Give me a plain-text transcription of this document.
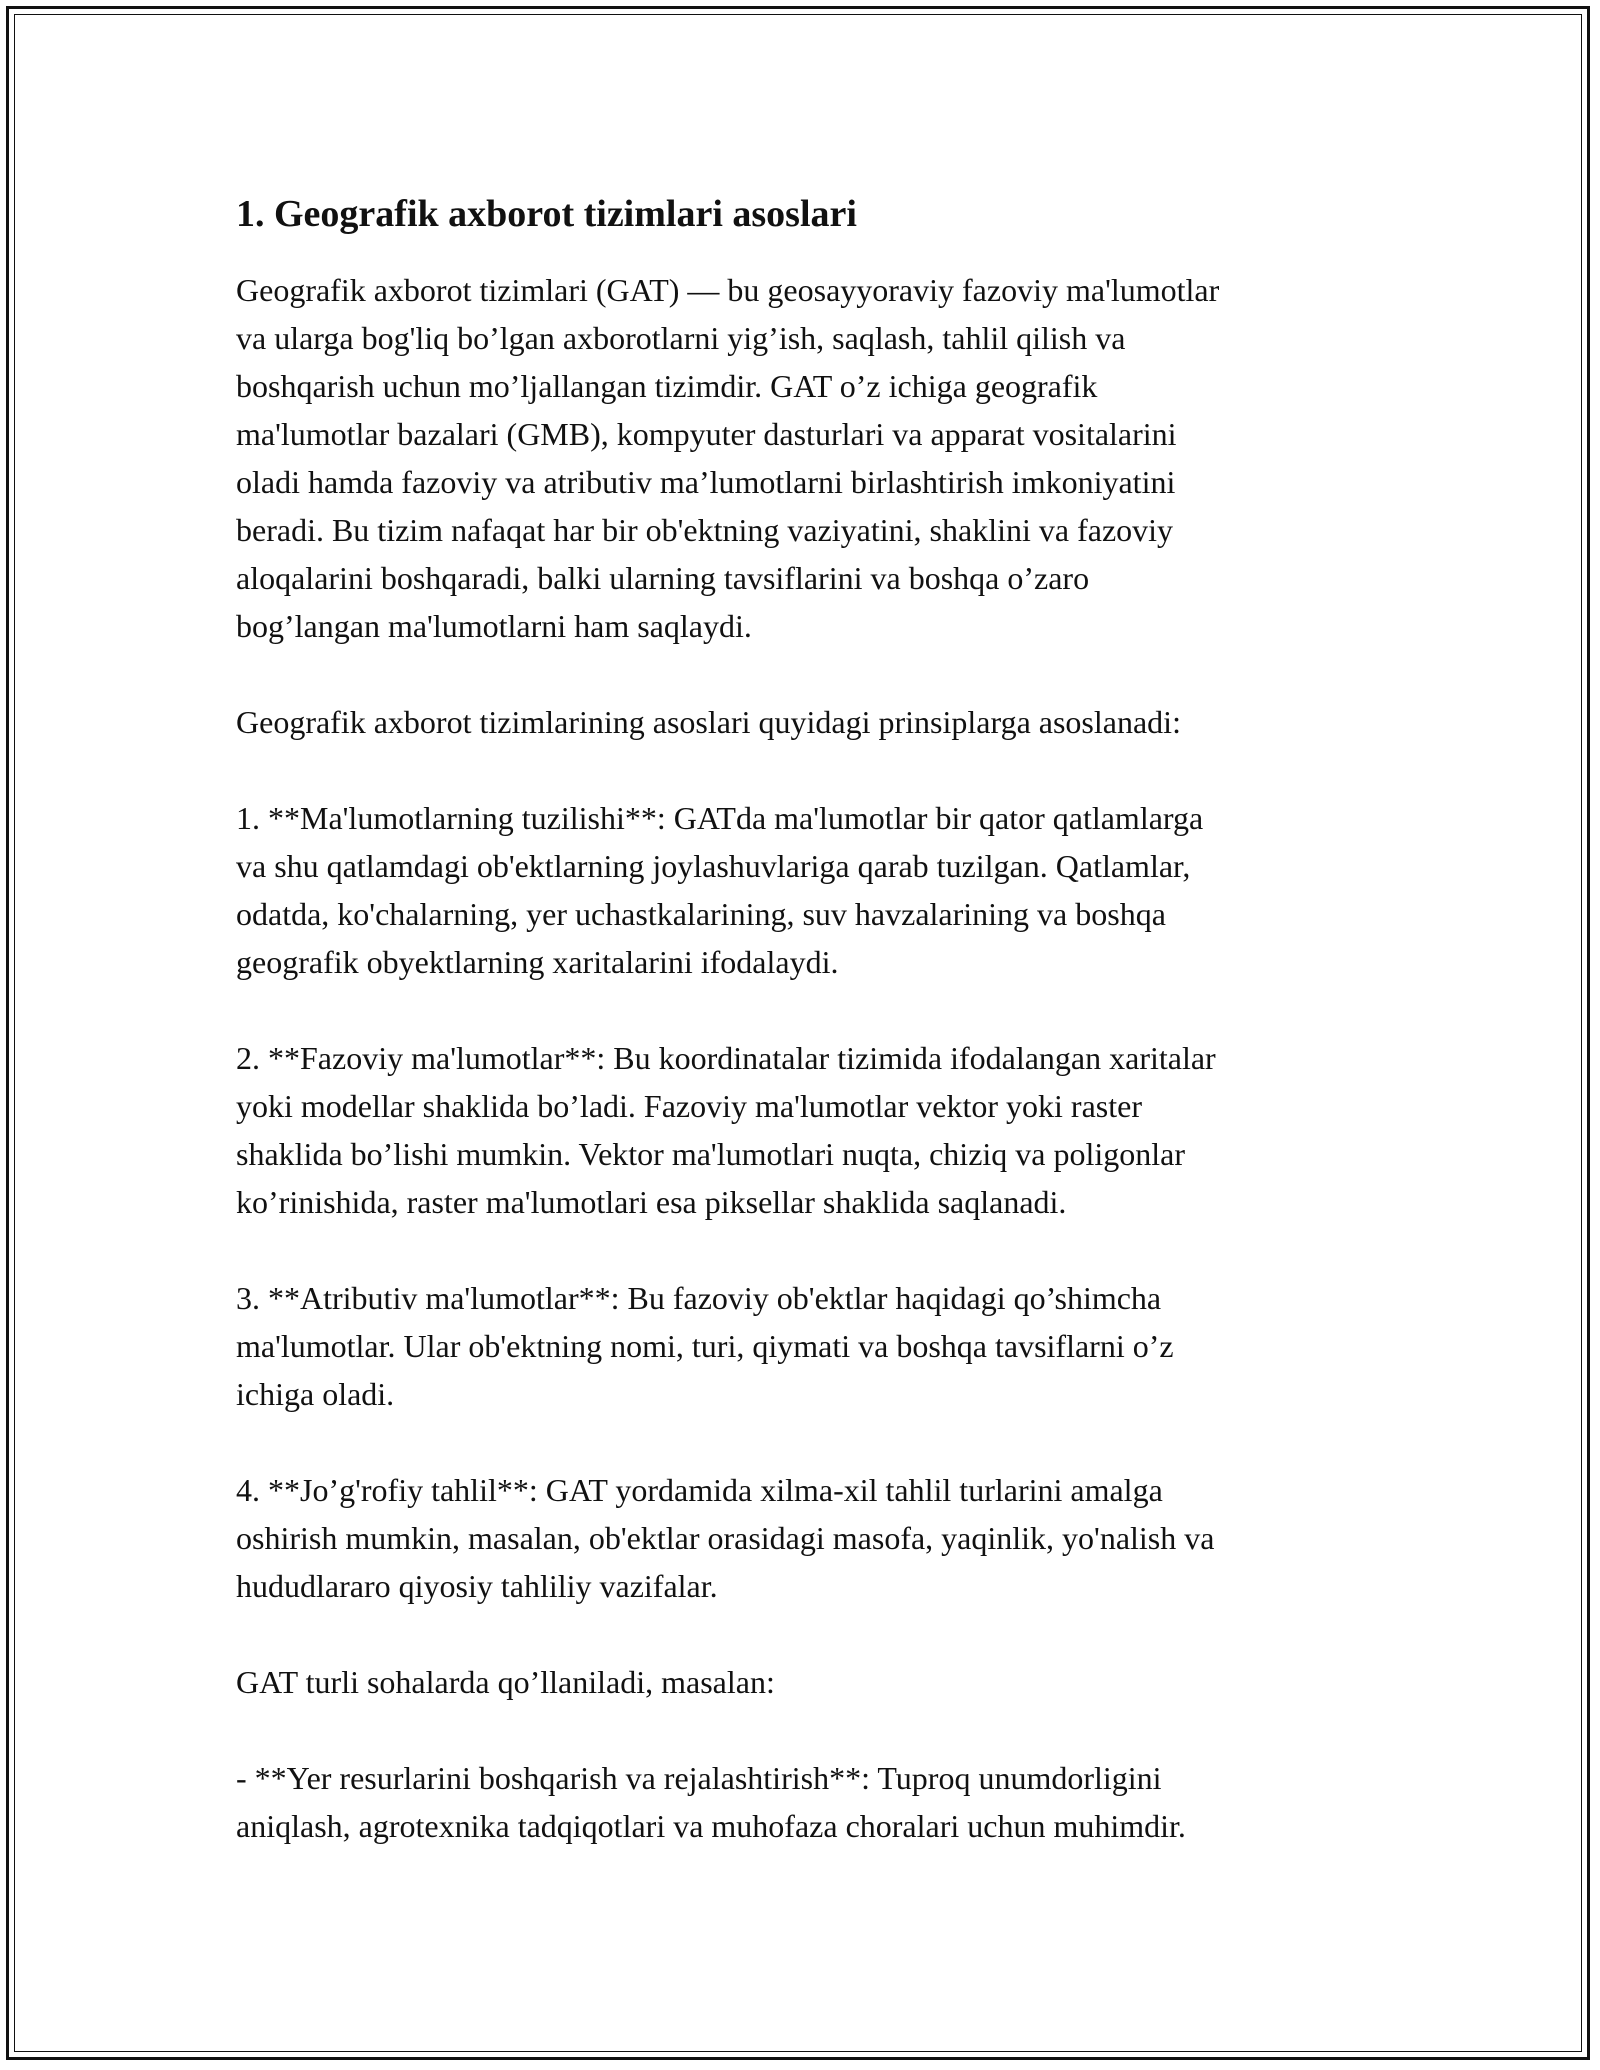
1. Geografik axborot tizimlari asoslari

Geografik axborot tizimlari (GAT) — bu geosayyoraviy fazoviy ma'lumotlar
va ularga bog'liq bo’lgan axborotlarni yig’ish, saqlash, tahlil qilish va
boshqarish uchun mo’ljallangan tizimdir. GAT o’z ichiga geografik
ma'lumotlar bazalari (GMB), kompyuter dasturlari va apparat vositalarini
oladi hamda fazoviy va atributiv ma’lumotlarni birlashtirish imkoniyatini
beradi. Bu tizim nafaqat har bir ob'ektning vaziyatini, shaklini va fazoviy
aloqalarini boshqaradi, balki ularning tavsiflarini va boshqa o’zaro
bog’langan ma'lumotlarni ham saqlaydi.

Geografik axborot tizimlarining asoslari quyidagi prinsiplarga asoslanadi:

1. **Ma'lumotlarning tuzilishi**: GATda ma'lumotlar bir qator qatlamlarga
va shu qatlamdagi ob'ektlarning joylashuvlariga qarab tuzilgan. Qatlamlar,
odatda, ko'chalarning, yer uchastkalarining, suv havzalarining va boshqa
geografik obyektlarning xaritalarini ifodalaydi.

2. **Fazoviy ma'lumotlar**: Bu koordinatalar tizimida ifodalangan xaritalar
yoki modellar shaklida bo’ladi. Fazoviy ma'lumotlar vektor yoki raster
shaklida bo’lishi mumkin. Vektor ma'lumotlari nuqta, chiziq va poligonlar
ko’rinishida, raster ma'lumotlari esa piksellar shaklida saqlanadi.

3. **Atributiv ma'lumotlar**: Bu fazoviy ob'ektlar haqidagi qo’shimcha
ma'lumotlar. Ular ob'ektning nomi, turi, qiymati va boshqa tavsiflarni o’z
ichiga oladi.

4. **Jo’g'rofiy tahlil**: GAT yordamida xilma-xil tahlil turlarini amalga
oshirish mumkin, masalan, ob'ektlar orasidagi masofa, yaqinlik, yo'nalish va
hududlararo qiyosiy tahliliy vazifalar.

GAT turli sohalarda qo’llaniladi, masalan:

- **Yer resurlarini boshqarish va rejalashtirish**: Tuproq unumdorligini
aniqlash, agrotexnika tadqiqotlari va muhofaza choralari uchun muhimdir.
